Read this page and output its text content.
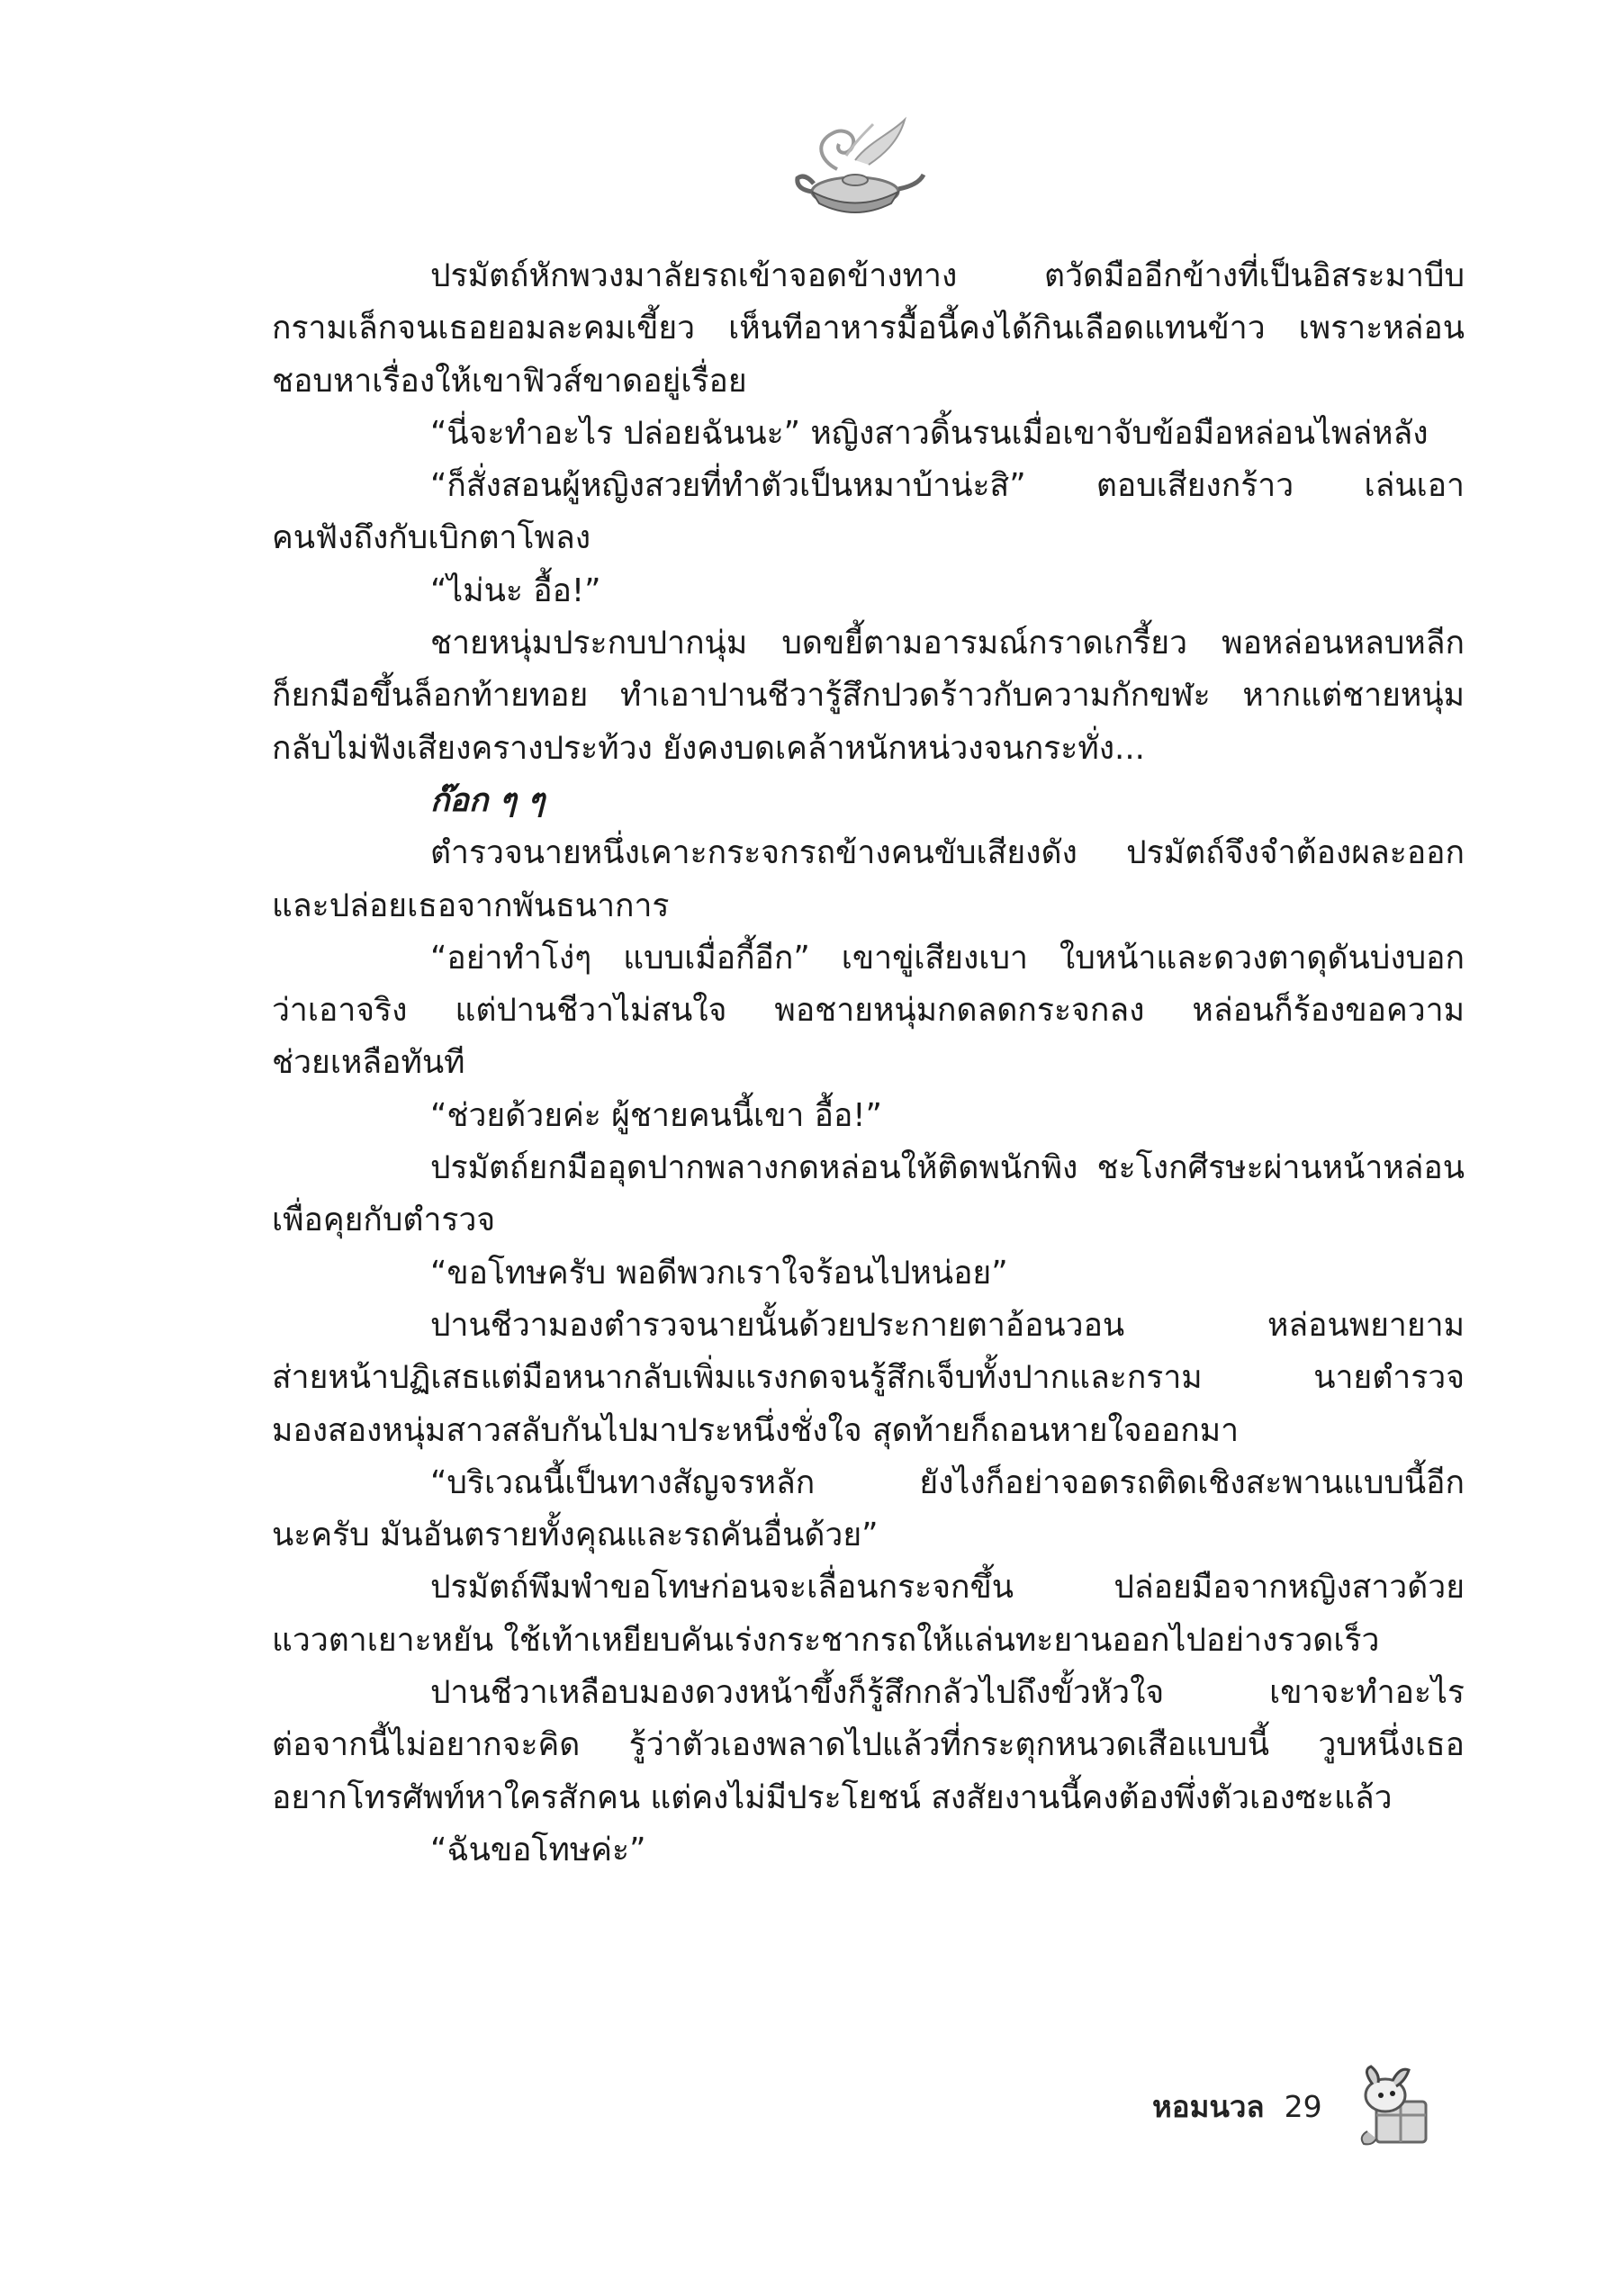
ปรมัตถ์หักพวงมาลัยรถเข้าจอดข้างทาง ตวัดมืออีกข้างที่เป็นอิสระมาบีบ
กรามเล็กจนเธอยอมละคมเขี้ยว เห็นทีอาหารมื้อนี้คงได้กินเลือดแทนข้าว เพราะหล่อน
ชอบหาเรื่องให้เขาฟิวส์ขาดอยู่เรื่อย
“นี่จะทำอะไร ปล่อยฉันนะ” หญิงสาวดิ้นรนเมื่อเขาจับข้อมือหล่อนไพล่หลัง
“ก็สั่งสอนผู้หญิงสวยที่ทำตัวเป็นหมาบ้าน่ะสิ” ตอบเสียงกร้าว เล่นเอา
คนฟังถึงกับเบิกตาโพลง
“ไม่นะ อื้อ!”
ชายหนุ่มประกบปากนุ่ม บดขยี้ตามอารมณ์กราดเกรี้ยว พอหล่อนหลบหลีก
ก็ยกมือขึ้นล็อกท้ายทอย ทำเอาปานชีวารู้สึกปวดร้าวกับความกักขฬะ หากแต่ชายหนุ่ม
กลับไม่ฟังเสียงครางประท้วง ยังคงบดเคล้าหนักหน่วงจนกระทั่ง...
ก๊อก ๆ ๆ
ตำรวจนายหนึ่งเคาะกระจกรถข้างคนขับเสียงดัง ปรมัตถ์จึงจำต้องผละออก
และปล่อยเธอจากพันธนาการ
“อย่าทำโง่ๆ แบบเมื่อกี้อีก” เขาขู่เสียงเบา ใบหน้าและดวงตาดุดันบ่งบอก
ว่าเอาจริง แต่ปานชีวาไม่สนใจ พอชายหนุ่มกดลดกระจกลง หล่อนก็ร้องขอความ
ช่วยเหลือทันที
“ช่วยด้วยค่ะ ผู้ชายคนนี้เขา อื้อ!”
ปรมัตถ์ยกมืออุดปากพลางกดหล่อนให้ติดพนักพิง ชะโงกศีรษะผ่านหน้าหล่อน
เพื่อคุยกับตำรวจ
“ขอโทษครับ พอดีพวกเราใจร้อนไปหน่อย”
ปานชีวามองตำรวจนายนั้นด้วยประกายตาอ้อนวอน หล่อนพยายาม
ส่ายหน้าปฏิเสธแต่มือหนากลับเพิ่มแรงกดจนรู้สึกเจ็บทั้งปากและกราม นายตำรวจ
มองสองหนุ่มสาวสลับกันไปมาประหนึ่งชั่งใจ สุดท้ายก็ถอนหายใจออกมา
“บริเวณนี้เป็นทางสัญจรหลัก ยังไงก็อย่าจอดรถติดเชิงสะพานแบบนี้อีก
นะครับ มันอันตรายทั้งคุณและรถคันอื่นด้วย”
ปรมัตถ์พึมพำขอโทษก่อนจะเลื่อนกระจกขึ้น ปล่อยมือจากหญิงสาวด้วย
แววตาเยาะหยัน ใช้เท้าเหยียบคันเร่งกระชากรถให้แล่นทะยานออกไปอย่างรวดเร็ว
ปานชีวาเหลือบมองดวงหน้าขึ้งก็รู้สึกกลัวไปถึงขั้วหัวใจ เขาจะทำอะไร
ต่อจากนี้ไม่อยากจะคิด รู้ว่าตัวเองพลาดไปแล้วที่กระตุกหนวดเสือแบบนี้ วูบหนึ่งเธอ
อยากโทรศัพท์หาใครสักคน แต่คงไม่มีประโยชน์ สงสัยงานนี้คงต้องพึ่งตัวเองซะแล้ว
“ฉันขอโทษค่ะ”
หอมนวล 29
